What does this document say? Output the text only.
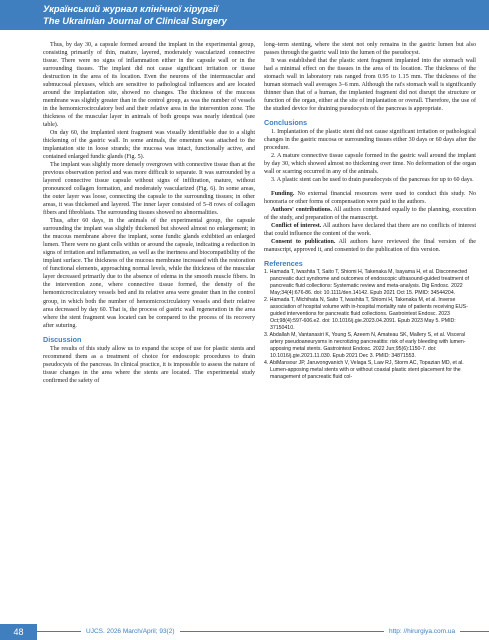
Український журнал клінічної хірургії
The Ukrainian Journal of Clinical Surgery

Thus, by day 30, a capsule formed around the implant in the experimental group, consisting primarily of thin, mature, layered, moderately vascularized connective tissue. There were no signs of inflammation either in the capsule wall or in the surrounding tissues. The implant did not cause significant irritation or tissue destruction in the area of its location. Even the neurons of the intermuscular and submucosal plexuses, which are sensitive to pathological influences and are located around the implantation site, showed no changes. The thickness of the mucous membrane was slightly greater than in the control group, as was the number of vessels in the hemomicrocirculatory bed and their relative area in the intervention zone. The thickness of the muscular layer in animals of both groups was nearly identical (see table).

On day 60, the implanted stent fragment was visually identifiable due to a slight thickening of the gastric wall. In some animals, the omentum was attached to the implantation site in loose strands; the mucosa was intact, functionally active, and contained enlarged fundic glands (Fig. 5).

The implant was slightly more densely overgrown with connective tissue than at the previous observation period and was more difficult to separate. It was surrounded by a layered connective tissue capsule without signs of infiltration, mature, without pronounced collagen formation, and moderately vascularized (Fig. 6). In some areas, the outer layer was loose, connecting the capsule to the surrounding tissues; in other areas, it was thickened and layered. The inner layer consisted of 5–8 rows of collagen fibers and fibroblasts. The surrounding tissues showed no abnormalities.

Thus, after 60 days, in the animals of the experimental group, the capsule surrounding the implant was slightly thickened but showed almost no enlargement; in the mucous membrane above the implant, some fundic glands exhibited an enlarged lumen. There were no giant cells within or around the capsule, indicating a reduction in signs of irritation and inflammation, as well as the inertness and biocompatibility of the implant surface. The thickness of the mucous membrane increased with the restoration of functional elements, approaching normal levels, while the thickness of the muscular layer decreased primarily due to the absence of edema in the smooth muscle fibers. In the intervention zone, where connective tissue formed, the density of the hemomicrocirculatory vessels bed and its relative area were greater than in the control group, in which both the number of hemomicrocirculatory vessels and their relative area decreased by day 60. That is, the process of gastric wall regeneration in the area where the stent fragment was located can be compared to the process of its recovery after suturing.

Discussion

The results of this study allow us to expand the scope of use for plastic stents and recommend them as a treatment of choice for endoscopic procedures to drain pseudocysts of the pancreas. In clinical practice, it is impossible to assess the nature of tissue changes in the area where the stents are located. The experimental study confirmed the safety of

long–term stenting, where the stent not only remains in the gastric lumen but also passes through the gastric wall into the lumen of the pseudocyst.

It was established that the plastic stent fragment implanted into the stomach wall had a minimal effect on the tissues in the area of its location. The thickness of the stomach wall in laboratory rats ranged from 0.95 to 1.15 mm. The thickness of the human stomach wall averages 3–6 mm. Although the rat's stomach wall is significantly thinner than that of a human, the implanted fragment did not disrupt the structure or function of the organ, either at the site of implantation or overall. Therefore, the use of the studied device for draining pseudocysts of the pancreas is appropriate.

Conclusions

1. Implantation of the plastic stent did not cause significant irritation or pathological changes in the gastric mucosa or surrounding tissues either 30 days or 60 days after the procedure.

2. A mature connective tissue capsule formed in the gastric wall around the implant by day 30, which showed almost no thickening over time. No deformation of the organ wall or scarring occurred in any of the animals.

3. A plastic stent can be used to drain pseudocysts of the pancreas for up to 60 days.

Funding. No external financial resources were used to conduct this study. No honoraria or other forms of compensation were paid to the authors.

Authors' contributions. All authors contributed equally to the planning, execution of the study, and preparation of the manuscript.

Conflict of interest. All authors have declared that there are no conflicts of interest that could influence the content of the work.

Consent to publication. All authors have reviewed the final version of the manuscript, approved it, and consented to the publication of this version.

References
1. Hamada T, Iwashita T, Saito T, Shiomi H, Takenaka M, Isayama H, et al. Disconnected pancreatic duct syndrome and outcomes of endoscopic ultrasound-guided treatment of pancreatic fluid collections: Systematic review and meta-analysis. Dig Endosc. 2022 May;34(4):676-86. doi: 10.1111/den.14142. Epub 2021 Oct 15. PMID: 34544204.
2. Hamada T, Michihata N, Saito T, Iwashita T, Shiomi H, Takenaka M, et al. Inverse association of hospital volume with in-hospital mortality rate of patients receiving EUS-guided interventions for pancreatic fluid collections. Gastrointest Endosc. 2023 Oct;98(4):597-606.e2. doi: 10.1016/j.gie.2023.04.2091. Epub 2023 May 5. PMID: 37150410.
3. Abdallah M, Vantanasiri K, Young S, Azeem N, Amateau SK, Mallery S, et al. Visceral artery pseudoaneurysms in necrotizing pancreatitis: risk of early bleeding with lumen-apposing metal stents. Gastrointest Endosc. 2022 Jun;95(6):1150-7. doi: 10.1016/j.gie.2021.11.030. Epub 2021 Dec 3. PMID: 34871553.
4. AbiMansour JP, Jaruvongvanich V, Velaga S, Law RJ, Storm AC, Topazian MD, et al. Lumen-apposing metal stents with or without coaxial plastic stent placement for the management of pancreatic fluid col-
48	UJCS. 2026 March/April; 93(2)	http: //hirurgiya.com.ua
